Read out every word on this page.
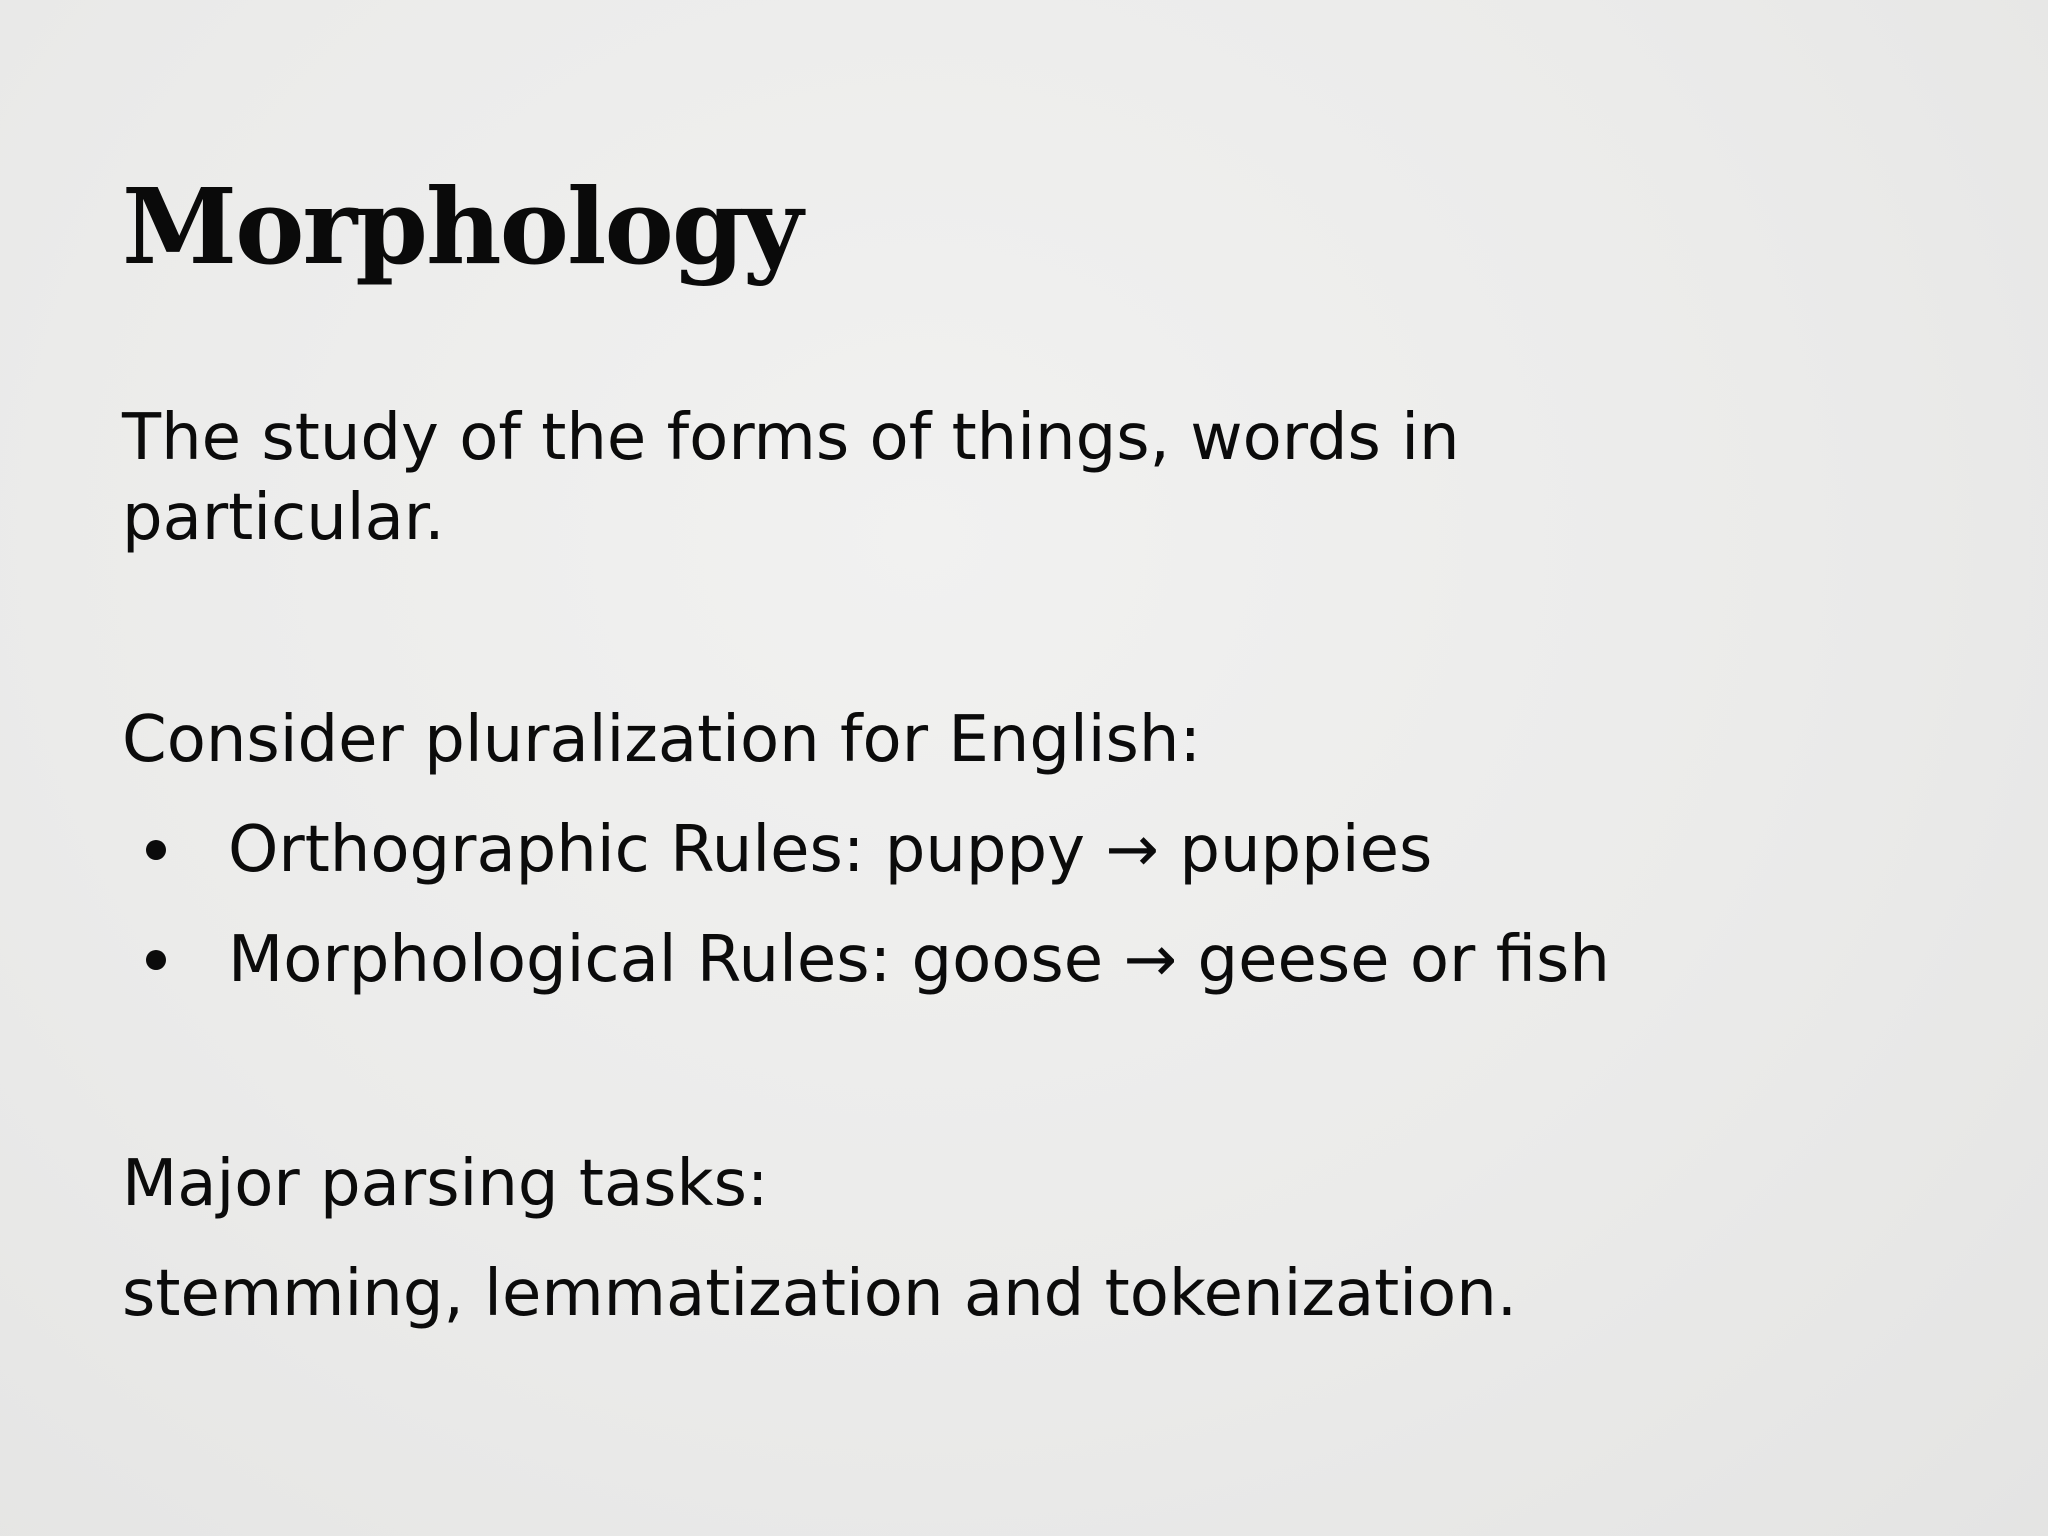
Morphology

The study of the forms of things, words in
particular.

Consider pluralization for English:

Orthographic Rules: puppy → puppies
Morphological Rules: goose → geese or fish

Major parsing tasks:

stemming, lemmatization and tokenization.
